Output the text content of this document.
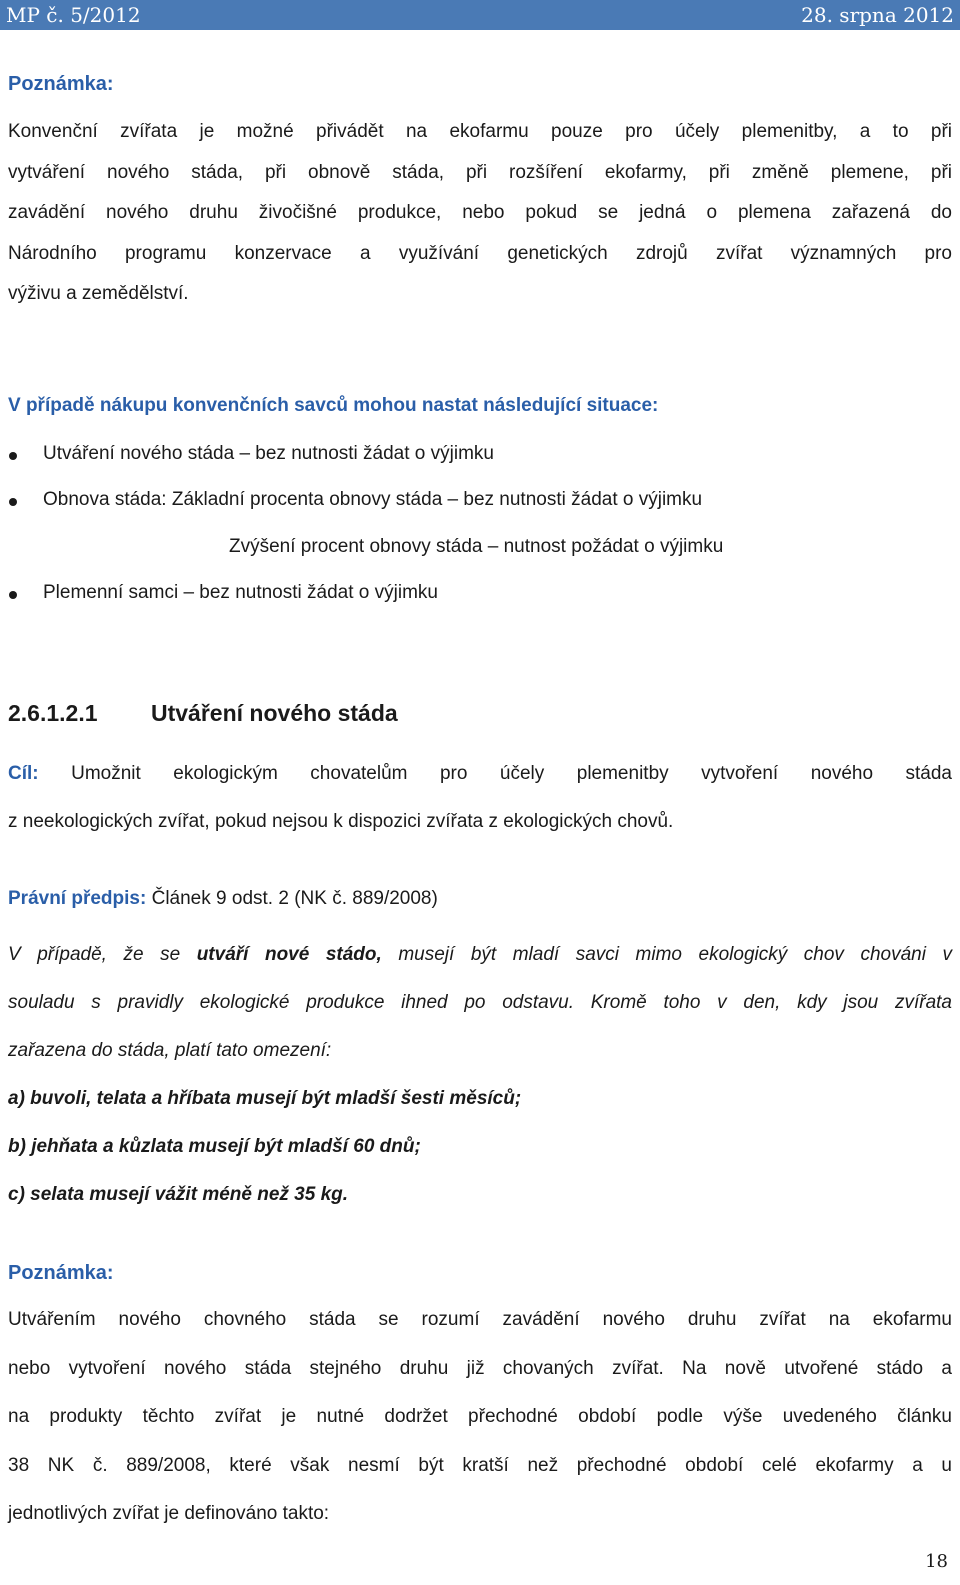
MP č. 5/2012	28. srpna 2012
Poznámka:
Konvenční zvířata je možné přivádět na ekofarmu pouze pro účely plemenitby, a to při
vytváření nového stáda, při obnově stáda, při rozšíření ekofarmy, při změně plemene, při
zavádění nového druhu živočišné produkce, nebo pokud se jedná o plemena zařazená do
Národního programu konzervace a využívání genetických zdrojů zvířat významných pro
výživu a zemědělství.
V případě nákupu konvenčních savců mohou nastat následující situace:
Utváření nového stáda – bez nutnosti žádat o výjimku
Obnova stáda: Základní procenta obnovy stáda – bez nutnosti žádat o výjimku
Zvýšení procent obnovy stáda – nutnost požádat o výjimku
Plemenní samci – bez nutnosti žádat o výjimku
2.6.1.2.1 Utváření nového stáda
Cíl: Umožnit ekologickým chovatelům pro účely plemenitby vytvoření nového stáda
z neekologických zvířat, pokud nejsou k dispozici zvířata z ekologických chovů.
Právní předpis: Článek 9 odst. 2 (NK č. 889/2008)
V případě, že se utváří nové stádo, musejí být mladí savci mimo ekologický chov chováni v
souladu s pravidly ekologické produkce ihned po odstavu. Kromě toho v den, kdy jsou zvířata
zařazena do stáda, platí tato omezení:
a) buvoli, telata a hříbata musejí být mladší šesti měsíců;
b) jehňata a kůzlata musejí být mladší 60 dnů;
c) selata musejí vážit méně než 35 kg.
Poznámka:
Utvářením nového chovného stáda se rozumí zavádění nového druhu zvířat na ekofarmu
nebo vytvoření nového stáda stejného druhu již chovaných zvířat. Na nově utvořené stádo a
na produkty těchto zvířat je nutné dodržet přechodné období podle výše uvedeného článku
38 NK č. 889/2008, které však nesmí být kratší než přechodné období celé ekofarmy a u
jednotlivých zvířat je definováno takto:
18
